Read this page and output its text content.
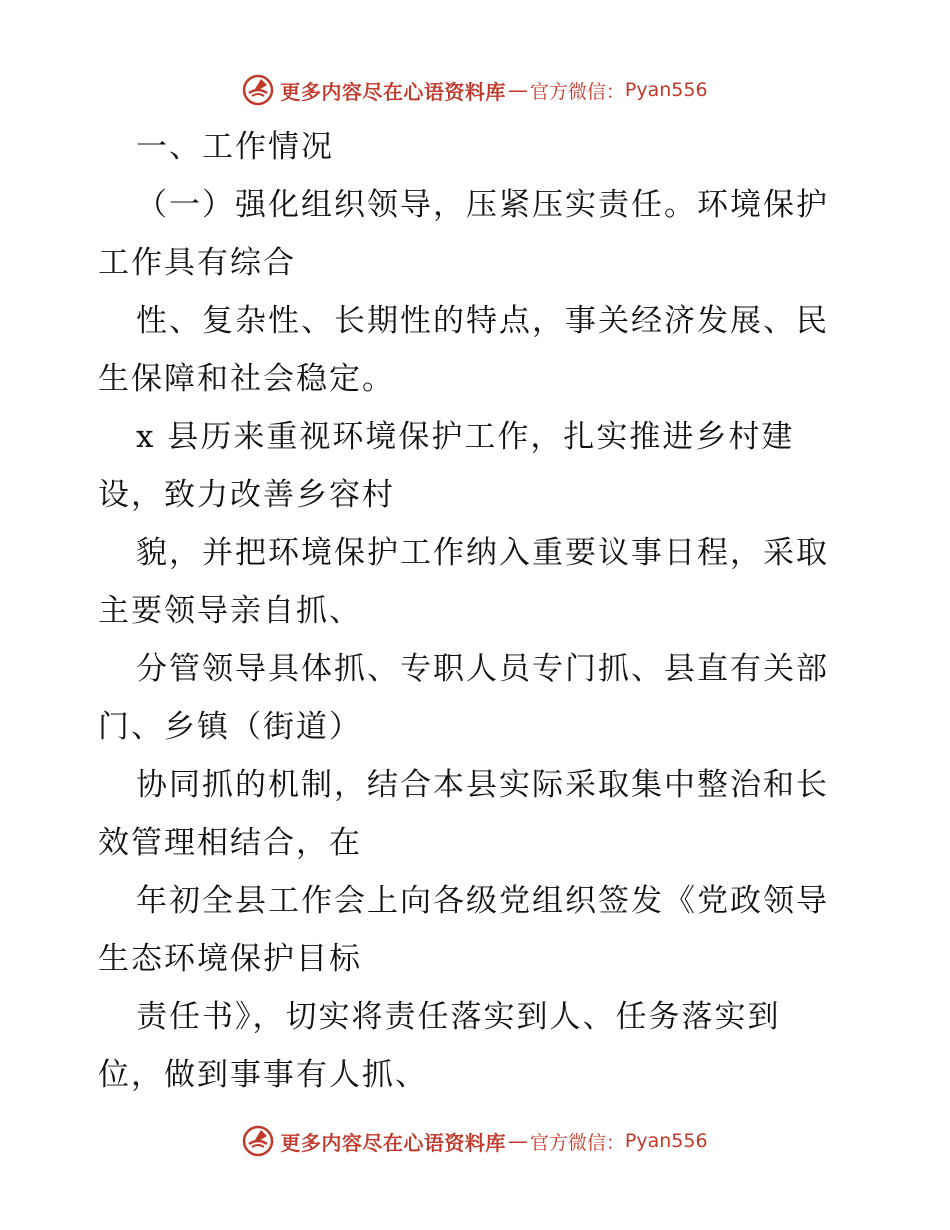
更多内容尽在心语资料库 — 官方微信： Pyan556
一、工作情况
（一）强化组织领导，压紧压实责任。环境保护
工作具有综合
性、复杂性、长期性的特点，事关经济发展、民
生保障和社会稳定。
x 县历来重视环境保护工作，扎实推进乡村建
设，致力改善乡容村
貌，并把环境保护工作纳入重要议事日程，采取
主要领导亲自抓、
分管领导具体抓、专职人员专门抓、县直有关部
门、乡镇（街道）
协同抓的机制，结合本县实际采取集中整治和长
效管理相结合，在
年初全县工作会上向各级党组织签发《党政领导
生态环境保护目标
责任书》，切实将责任落实到人、任务落实到
位，做到事事有人抓、
更多内容尽在心语资料库 — 官方微信： Pyan556
